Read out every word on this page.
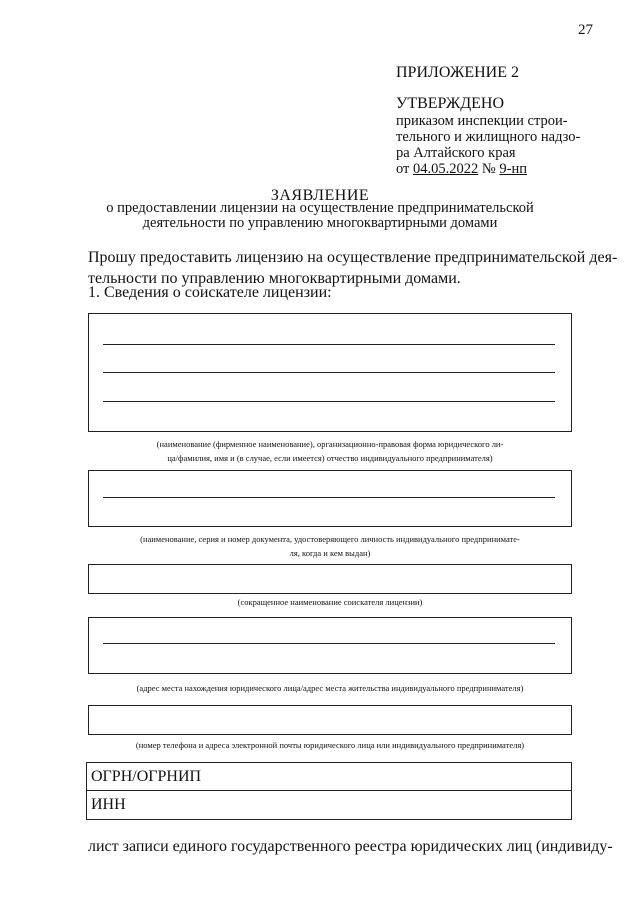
27
ПРИЛОЖЕНИЕ 2
УТВЕРЖДЕНО
приказом инспекции строи-
тельного и жилищного надзо-
ра Алтайского края
от 04.05.2022 № 9-нп
ЗАЯВЛЕНИЕ
о предоставлении лицензии на осуществление предпринимательской
деятельности по управлению многоквартирными домами
Прошу предоставить лицензию на осуществление предпринимательской дея-
тельности по управлению многоквартирными домами.
1. Сведения о соискателе лицензии:
(наименование (фирменное наименование), организационно-правовая форма юридического ли-
ца/фамилия, имя и (в случае, если имеется) отчество индивидуального предпринимателя)
(наименование, серия и номер документа, удостоверяющего личность индивидуального предпринимате-
ля, когда и кем выдан)
(сокращенное наименование соискателя лицензии)
(адрес места нахождения юридического лица/адрес места жительства индивидуального предпринимателя)
(номер телефона и адреса электронной почты юридического лица или индивидуального предпринимателя)
ОГРН/ОГРНИП
ИНН
лист записи единого государственного реестра юридических лиц (индивиду-
